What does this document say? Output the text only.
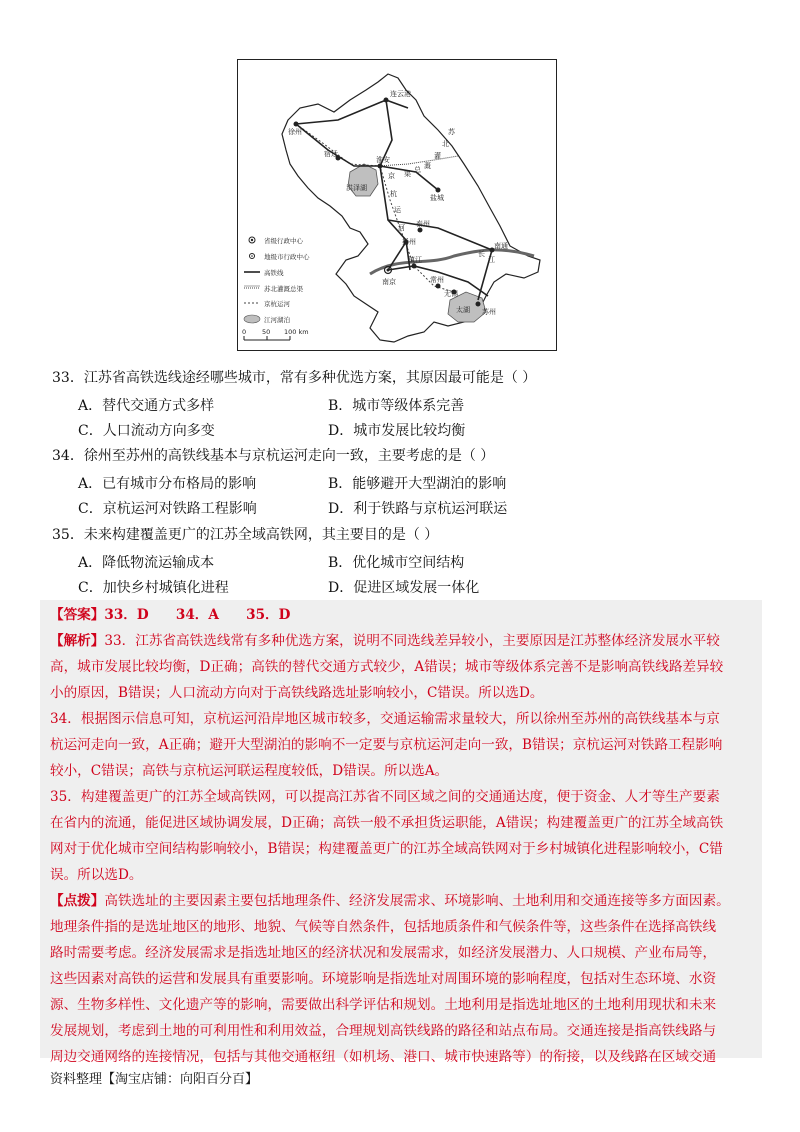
连云港
徐州
宿迁
淮安
盐城
洪泽湖
泰州
扬州
南京
镇江
常州
无锡
南通
苏州
太湖
苏
北
灌
溉
总
渠
京
杭
运
河
长
江
省级行政中心
地级市行政中心
高铁线
苏北灌溉总渠
京杭运河
江河湖泊
0 50 100 km
33．江苏省高铁选线途经哪些城市，常有多种优选方案，其原因最可能是（ ）
A．替代交通方式多样	B．城市等级体系完善
C．人口流动方向多变	D．城市发展比较均衡
34．徐州至苏州的高铁线基本与京杭运河走向一致，主要考虑的是（ ）
A．已有城市分布格局的影响	B．能够避开大型湖泊的影响
C．京杭运河对铁路工程影响	D．利于铁路与京杭运河联运
35．未来构建覆盖更广的江苏全域高铁网，其主要目的是（ ）
A．降低物流运输成本	B．优化城市空间结构
C．加快乡村城镇化进程	D．促进区域发展一体化
【答案】33．D　　34．A　　35．D
【解析】33．江苏省高铁选线常有多种优选方案，说明不同选线差异较小，主要原因是江苏整体经济发展水平较
高，城市发展比较均衡，D正确；高铁的替代交通方式较少，A错误；城市等级体系完善不是影响高铁线路差异较
小的原因，B错误；人口流动方向对于高铁线路选址影响较小，C错误。所以选D。
34．根据图示信息可知，京杭运河沿岸地区城市较多，交通运输需求量较大，所以徐州至苏州的高铁线基本与京
杭运河走向一致，A正确；避开大型湖泊的影响不一定要与京杭运河走向一致，B错误；京杭运河对铁路工程影响
较小，C错误；高铁与京杭运河联运程度较低，D错误。所以选A。
35．构建覆盖更广的江苏全域高铁网，可以提高江苏省不同区域之间的交通通达度，便于资金、人才等生产要素
在省内的流通，能促进区域协调发展，D正确；高铁一般不承担货运职能，A错误；构建覆盖更广的江苏全域高铁
网对于优化城市空间结构影响较小，B错误；构建覆盖更广的江苏全域高铁网对于乡村城镇化进程影响较小，C错
误。所以选D。
【点拨】高铁选址的主要因素主要包括地理条件、经济发展需求、环境影响、土地利用和交通连接等多方面因素。
地理条件指的是选址地区的地形、地貌、气候等自然条件，包括地质条件和气候条件等，这些条件在选择高铁线
路时需要考虑。经济发展需求是指选址地区的经济状况和发展需求，如经济发展潜力、人口规模、产业布局等，
这些因素对高铁的运营和发展具有重要影响。环境影响是指选址对周围环境的影响程度，包括对生态环境、水资
源、生物多样性、文化遗产等的影响，需要做出科学评估和规划。土地利用是指选址地区的土地利用现状和未来
发展规划，考虑到土地的可利用性和利用效益，合理规划高铁线路的路径和站点布局。交通连接是指高铁线路与
周边交通网络的连接情况，包括与其他交通枢纽（如机场、港口、城市快速路等）的衔接，以及线路在区域交通
资料整理【淘宝店铺：向阳百分百】
